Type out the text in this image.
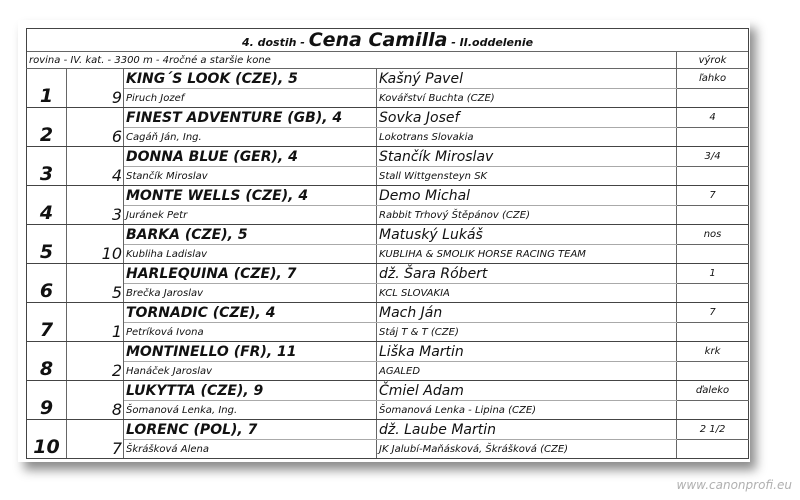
4. dostih - Cena Camilla - II.oddelenie				
rovina - IV. kat. - 3300 m - 4ročné a staršie kone				výrok
1	9	KING´S LOOK (CZE), 5	Kašný Pavel	ľahko
		Piruch Jozef	Kovářství Buchta (CZE)	
2	6	FINEST ADVENTURE (GB), 4	Sovka Josef	4
		Cagáň Ján, Ing.	Lokotrans Slovakia	
3	4	DONNA BLUE (GER), 4	Stančík Miroslav	3/4
		Stančík Miroslav	Stall Wittgensteyn SK	
4	3	MONTE WELLS (CZE), 4	Demo Michal	7
		Juránek Petr	Rabbit Trhový Štěpánov (CZE)	
5	10	BARKA (CZE), 5	Matuský Lukáš	nos
		Kubliha Ladislav	KUBLIHA & SMOLIK HORSE RACING TEAM	
6	5	HARLEQUINA (CZE), 7	dž. Šara Róbert	1
		Brečka Jaroslav	KCL SLOVAKIA	
7	1	TORNADIC (CZE), 4	Mach Ján	7
		Petríková Ivona	Stáj T & T (CZE)	
8	2	MONTINELLO (FR), 11	Liška Martin	krk
		Hanáček Jaroslav	AGALED	
9	8	LUKYTTA (CZE), 9	Čmiel Adam	ďaleko
		Šomanová Lenka, Ing.	Šomanová Lenka - Lipina (CZE)	
10	7	LORENC (POL), 7	dž. Laube Martin	2 1/2
		Škrášková Alena	JK Jalubí-Maňásková, Škrášková (CZE)	
www.canonprofi.eu
